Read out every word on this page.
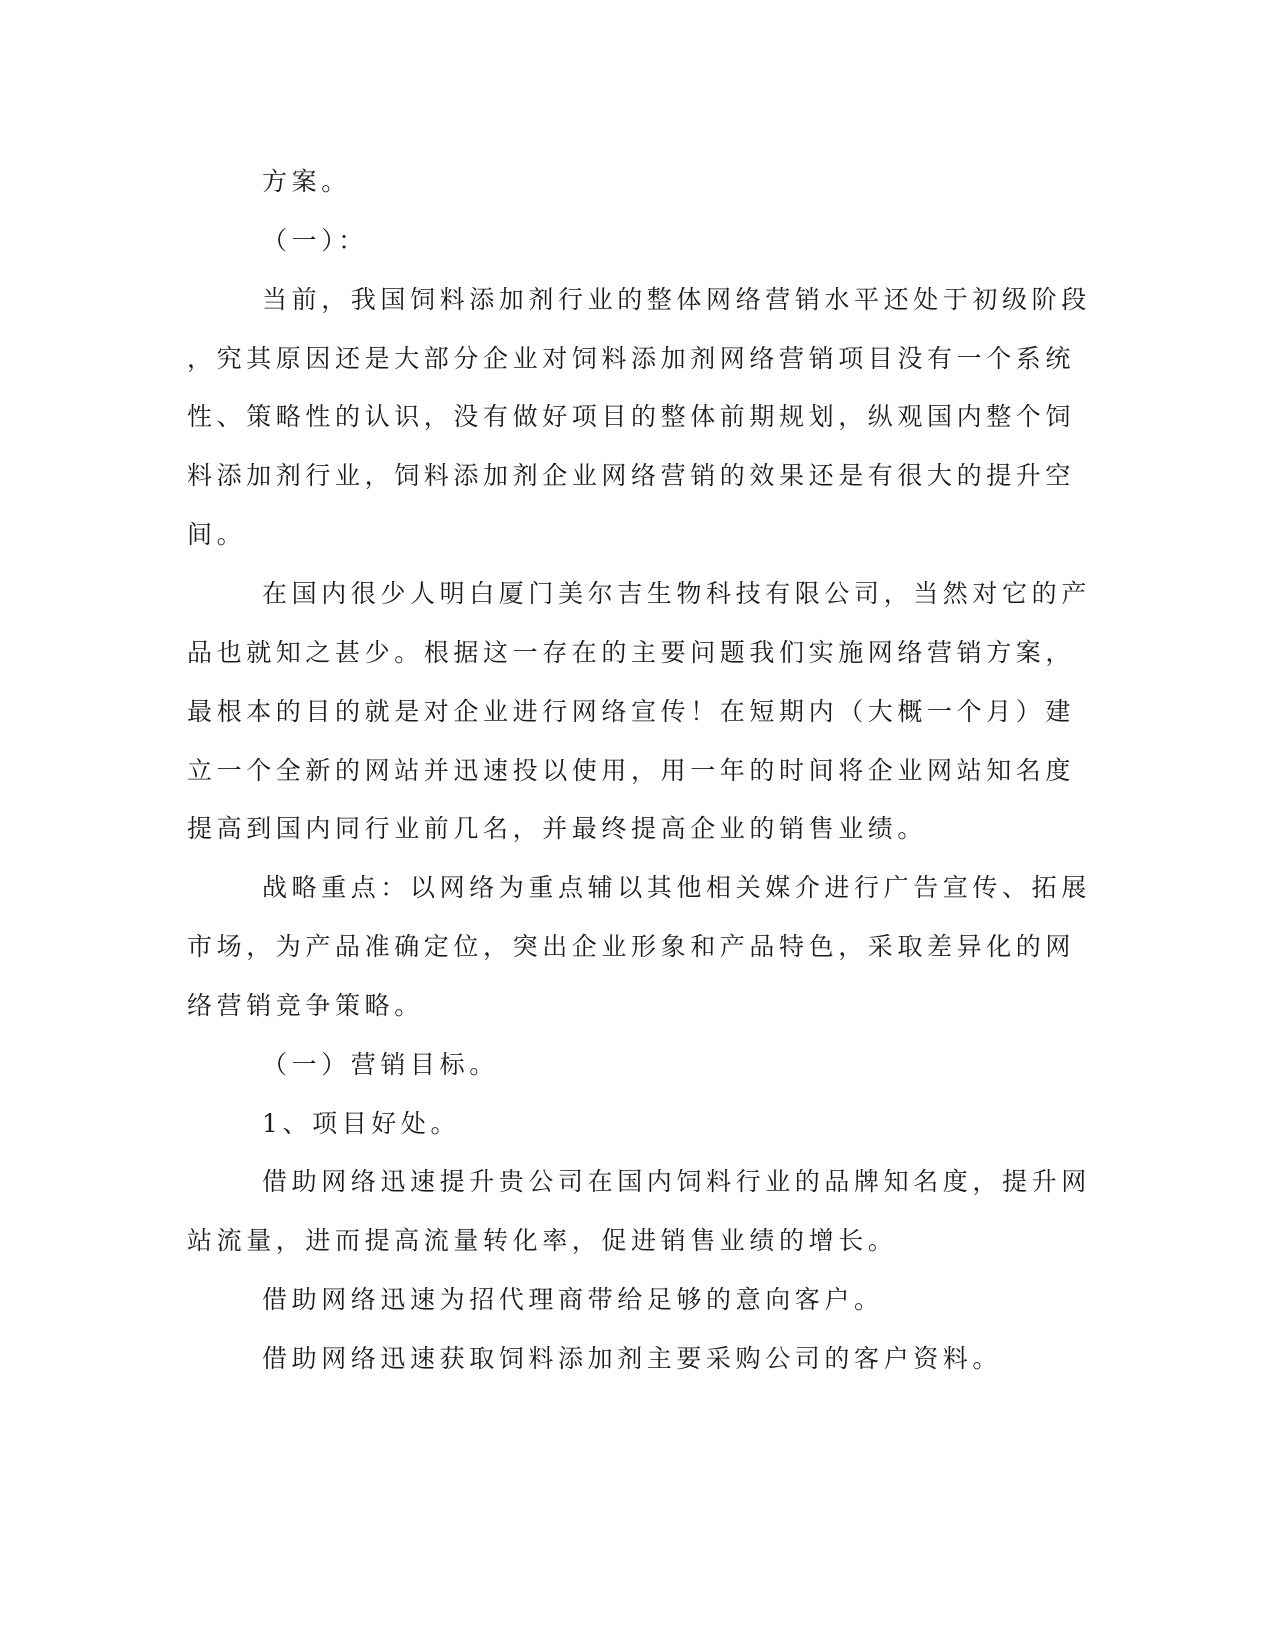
方案。
（一）：
当前，我国饲料添加剂行业的整体网络营销水平还处于初级阶段
，究其原因还是大部分企业对饲料添加剂网络营销项目没有一个系统
性、策略性的认识，没有做好项目的整体前期规划，纵观国内整个饲
料添加剂行业，饲料添加剂企业网络营销的效果还是有很大的提升空
间。
在国内很少人明白厦门美尔吉生物科技有限公司，当然对它的产
品也就知之甚少。根据这一存在的主要问题我们实施网络营销方案，
最根本的目的就是对企业进行网络宣传！在短期内（大概一个月）建
立一个全新的网站并迅速投以使用，用一年的时间将企业网站知名度
提高到国内同行业前几名，并最终提高企业的销售业绩。
战略重点：以网络为重点辅以其他相关媒介进行广告宣传、拓展
市场，为产品准确定位，突出企业形象和产品特色，采取差异化的网
络营销竞争策略。
（一）营销目标。
1、项目好处。
借助网络迅速提升贵公司在国内饲料行业的品牌知名度，提升网
站流量，进而提高流量转化率，促进销售业绩的增长。
借助网络迅速为招代理商带给足够的意向客户。
借助网络迅速获取饲料添加剂主要采购公司的客户资料。
